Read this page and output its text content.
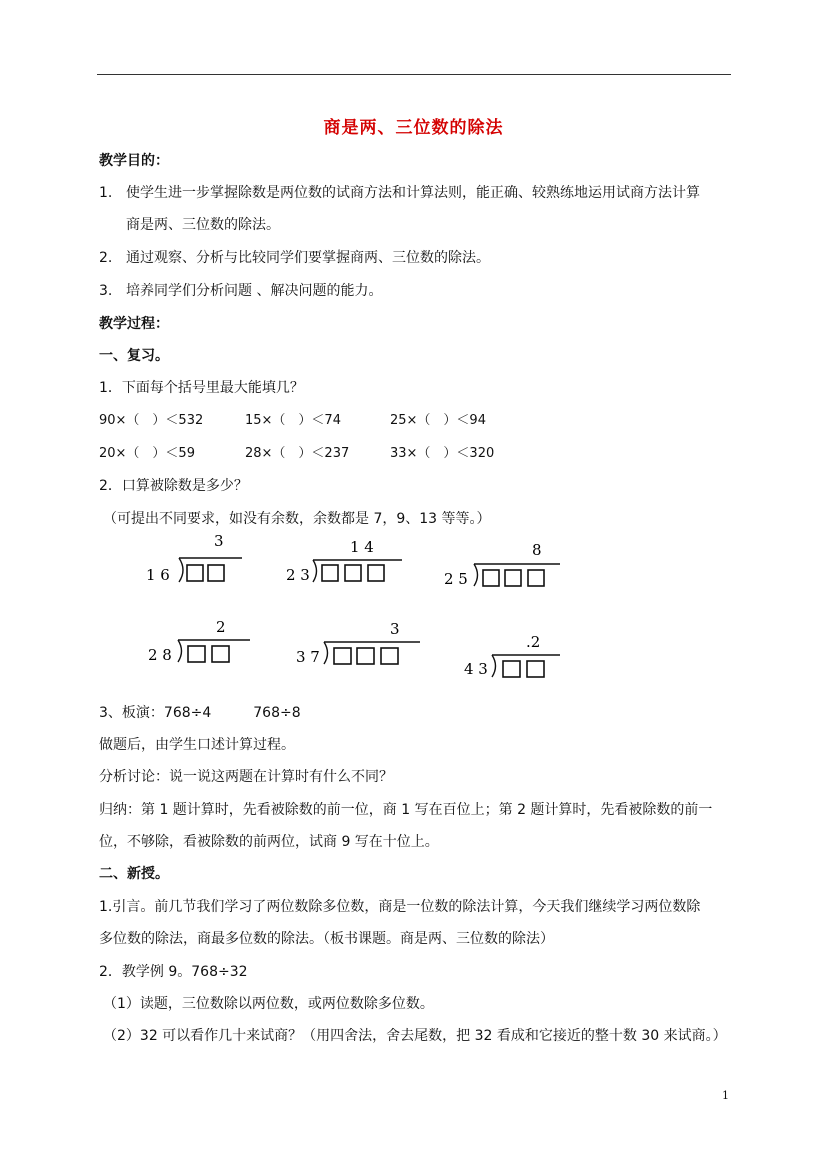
商是两、三位数的除法
教学目的：
1. 使学生进一步掌握除数是两位数的试商方法和计算法则，能正确、较熟练地运用试商方法计算
商是两、三位数的除法。
2. 通过观察、分析与比较同学们要掌握商两、三位数的除法。
3. 培养同学们分析问题 、解决问题的能力。
教学过程：
一、复习。
1．下面每个括号里最大能填几？
90×（　）＜532	15×（　）＜74	25×（　）＜94
20×（　）＜59	28×（　）＜237	33×（　）＜320
2．口算被除数是多少？
（可提出不同要求，如没有余数，余数都是 7，9、13 等等。）
1 6
3
2 3
1 4
2 5
8
2 8
2
3 7
3
4 3
.2
3、板演：768÷4　　　768÷8
做题后，由学生口述计算过程。
分析讨论：说一说这两题在计算时有什么不同？
归纳：第 1 题计算时，先看被除数的前一位，商 1 写在百位上；第 2 题计算时，先看被除数的前一
位，不够除，看被除数的前两位，试商 9 写在十位上。
二、新授。
1.引言。前几节我们学习了两位数除多位数，商是一位数的除法计算，今天我们继续学习两位数除
多位数的除法，商最多位数的除法。（板书课题。商是两、三位数的除法）
2．教学例 9。768÷32
（1）读题，三位数除以两位数，或两位数除多位数。
（2）32 可以看作几十来试商？（用四舍法，舍去尾数，把 32 看成和它接近的整十数 30 来试商。）
1
